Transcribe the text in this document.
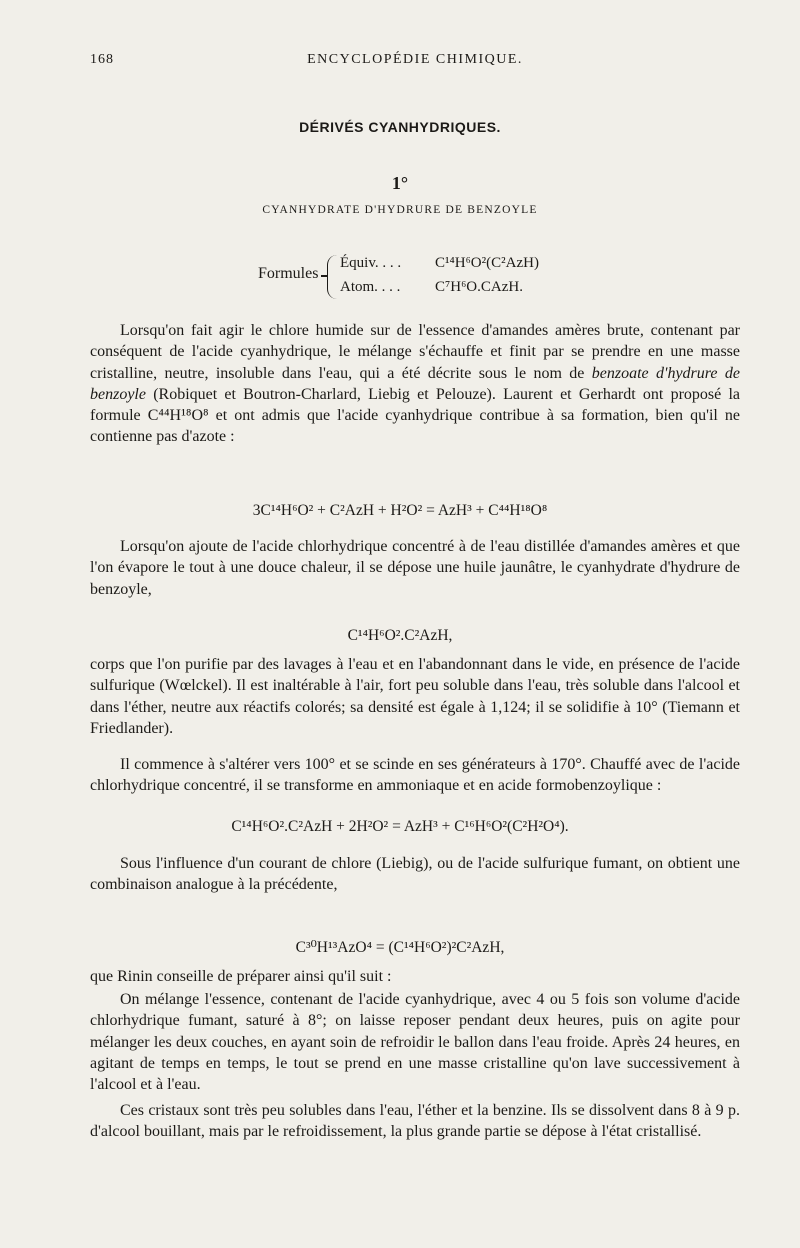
168	ENCYCLOPÉDIE CHIMIQUE.
DÉRIVÉS CYANHYDRIQUES.
1°
CYANHYDRATE D'HYDRURE DE BENZOYLE
Formules
Équiv. . . . C¹⁴H⁶O²(C²AzH)
Atom. . . . C⁷H⁶O.CAzH.

Lorsqu'on fait agir le chlore humide sur de l'essence d'amandes amères brute, contenant par conséquent de l'acide cyanhydrique, le mélange s'échauffe et finit par se prendre en une masse cristalline, neutre, insoluble dans l'eau, qui a été décrite sous le nom de benzoate d'hydrure de benzoyle (Robiquet et Boutron-Charlard, Liebig et Pelouze). Laurent et Gerhardt ont proposé la formule C⁴⁴H¹⁸O⁸ et ont admis que l'acide cyanhydrique contribue à sa formation, bien qu'il ne contienne pas d'azote :

3C¹⁴H⁶O² + C²AzH + H²O² = AzH³ + C⁴⁴H¹⁸O⁸

Lorsqu'on ajoute de l'acide chlorhydrique concentré à de l'eau distillée d'amandes amères et que l'on évapore le tout à une douce chaleur, il se dépose une huile jaunâtre, le cyanhydrate d'hydrure de benzoyle,

C¹⁴H⁶O².C²AzH,

corps que l'on purifie par des lavages à l'eau et en l'abandonnant dans le vide, en présence de l'acide sulfurique (Wœlckel). Il est inaltérable à l'air, fort peu soluble dans l'eau, très soluble dans l'alcool et dans l'éther, neutre aux réactifs colorés; sa densité est égale à 1,124; il se solidifie à 10° (Tiemann et Friedlander).

Il commence à s'altérer vers 100° et se scinde en ses générateurs à 170°. Chauffé avec de l'acide chlorhydrique concentré, il se transforme en ammoniaque et en acide formobenzoylique :

C¹⁴H⁶O².C²AzH + 2H²O² = AzH³ + C¹⁶H⁶O²(C²H²O⁴).

Sous l'influence d'un courant de chlore (Liebig), ou de l'acide sulfurique fumant, on obtient une combinaison analogue à la précédente,

C³⁰H¹³AzO⁴ = (C¹⁴H⁶O²)²C²AzH,

que Rinin conseille de préparer ainsi qu'il suit :

On mélange l'essence, contenant de l'acide cyanhydrique, avec 4 ou 5 fois son volume d'acide chlorhydrique fumant, saturé à 8°; on laisse reposer pendant deux heures, puis on agite pour mélanger les deux couches, en ayant soin de refroidir le ballon dans l'eau froide. Après 24 heures, en agitant de temps en temps, le tout se prend en une masse cristalline qu'on lave successivement à l'alcool et à l'eau.

Ces cristaux sont très peu solubles dans l'eau, l'éther et la benzine. Ils se dissolvent dans 8 à 9 p. d'alcool bouillant, mais par le refroidissement, la plus grande partie se dépose à l'état cristallisé.
